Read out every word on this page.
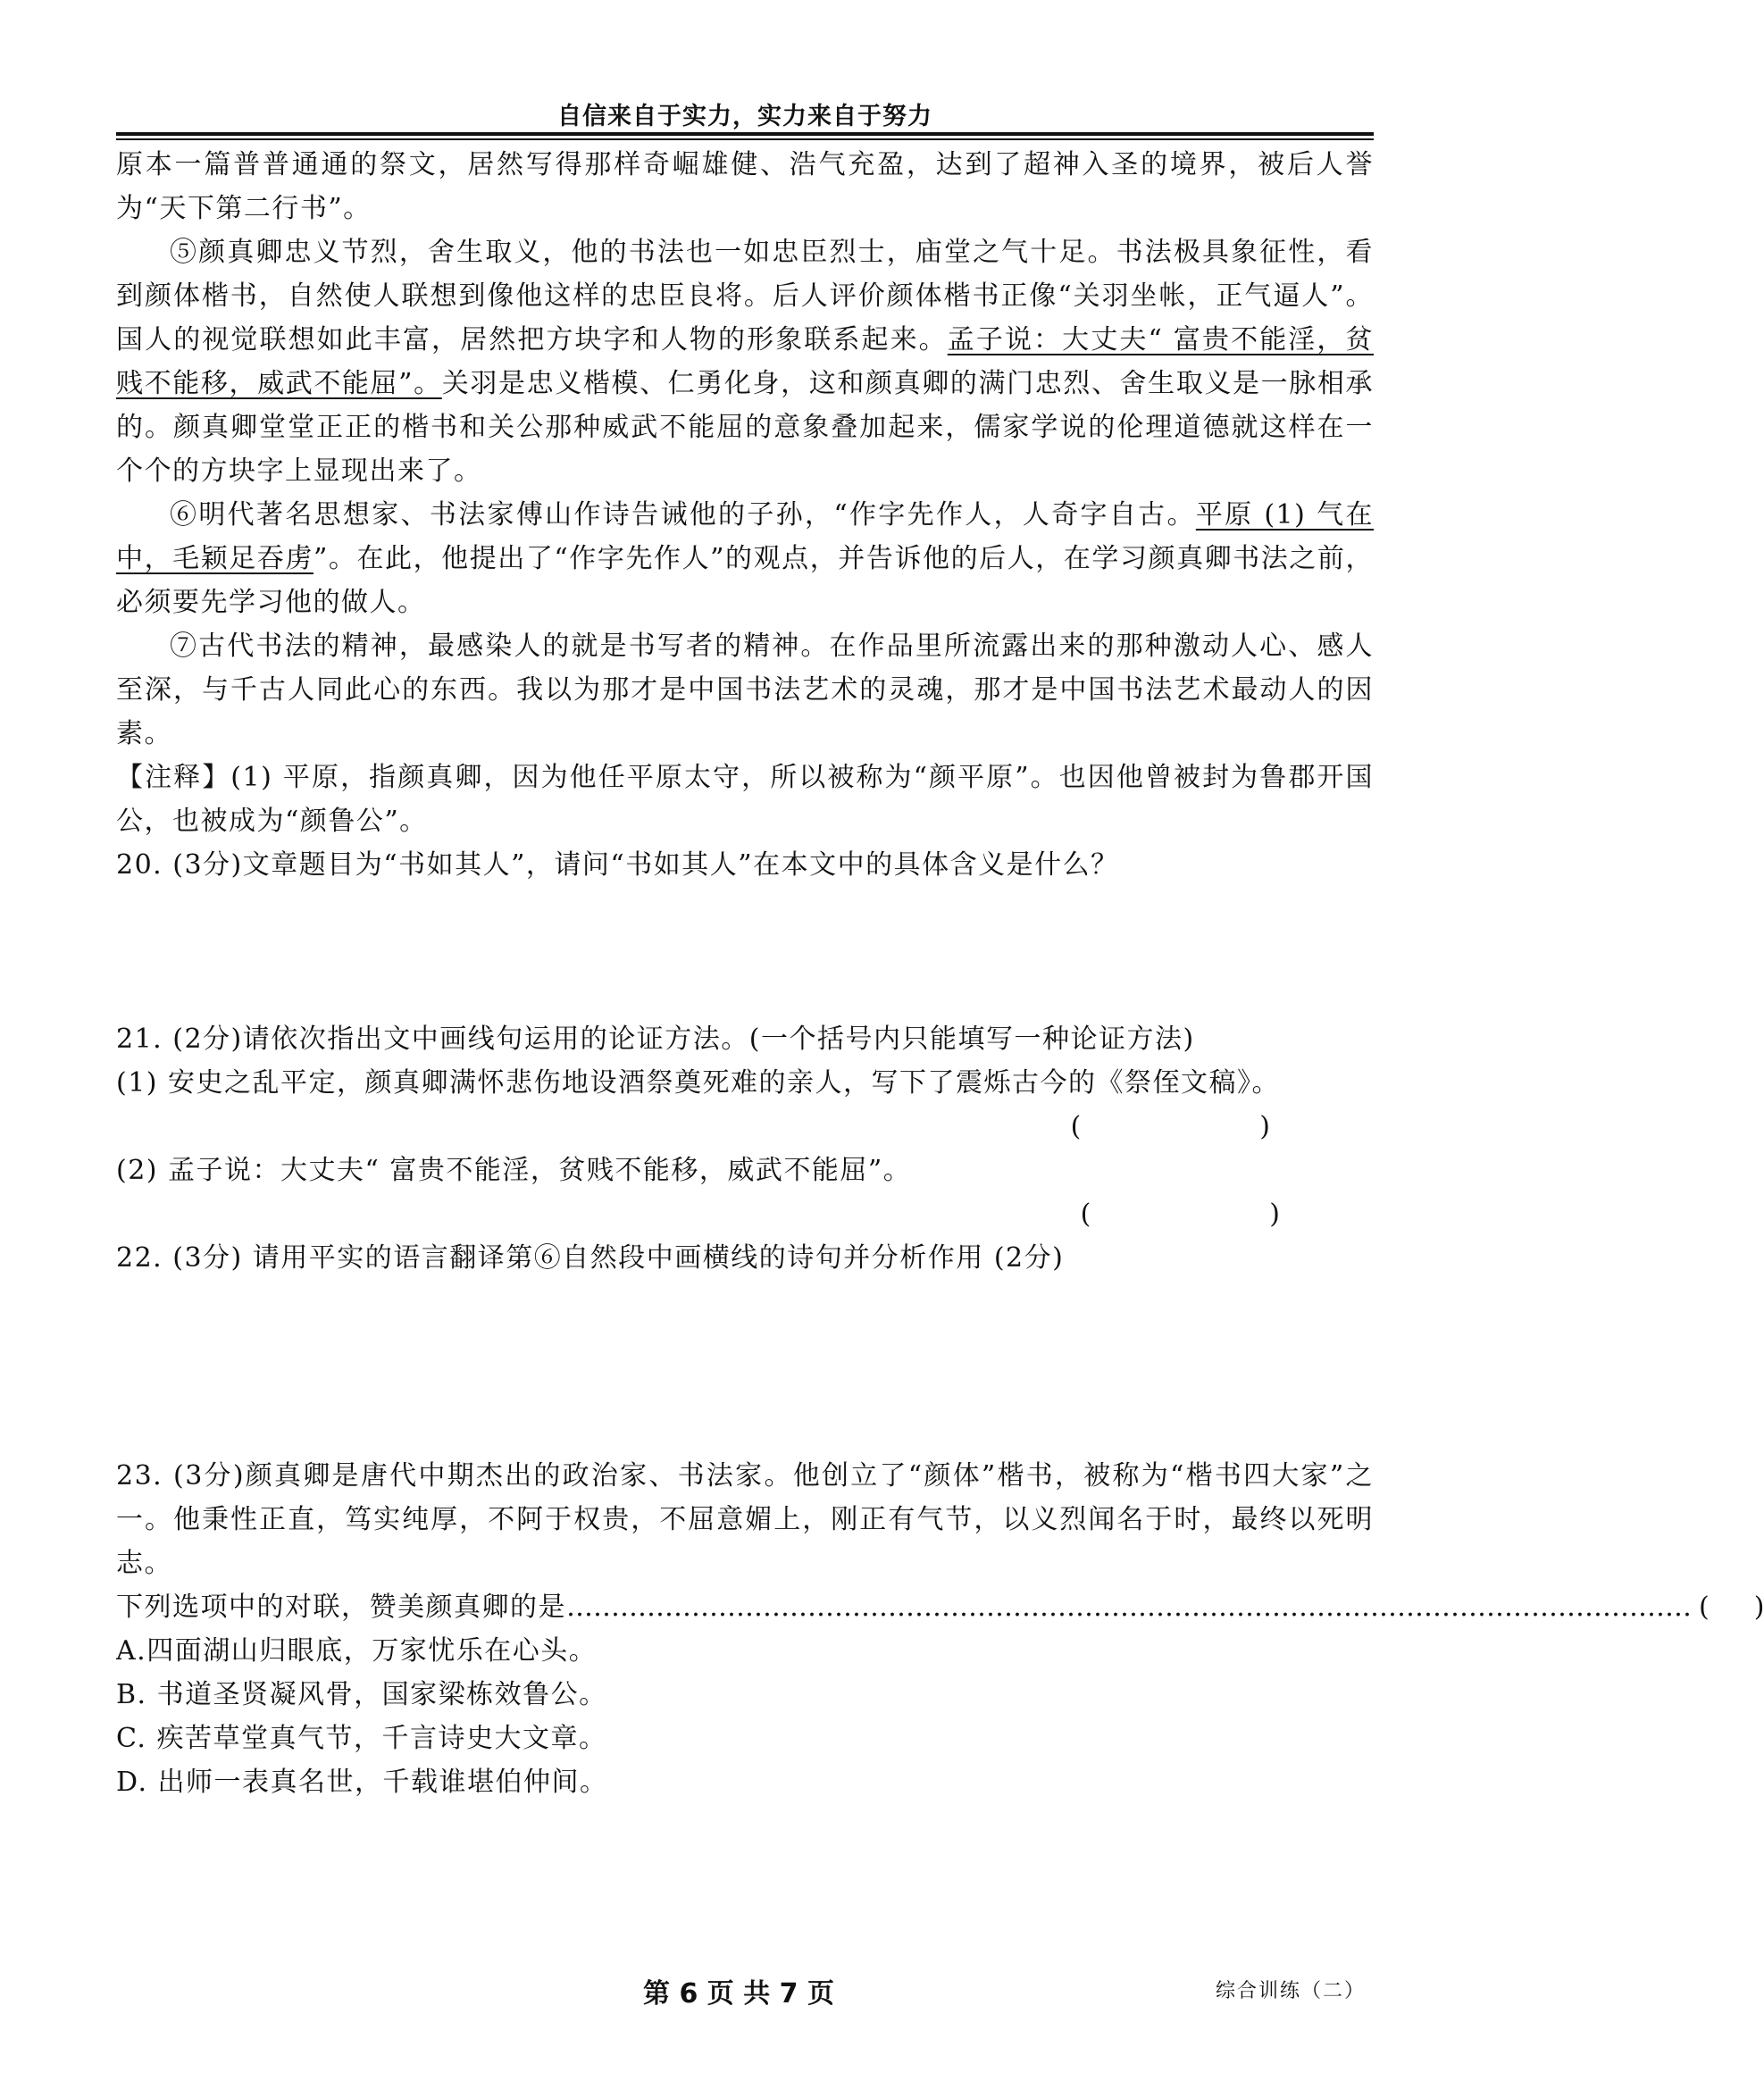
自信来自于实力，实力来自于努力

原本一篇普普通通的祭文，居然写得那样奇崛雄健、浩气充盈，达到了超神入圣的境界，被后人誉为“天下第二行书”。

⑤颜真卿忠义节烈，舍生取义，他的书法也一如忠臣烈士，庙堂之气十足。书法极具象征性，看到颜体楷书，自然使人联想到像他这样的忠臣良将。后人评价颜体楷书正像“关羽坐帐，正气逼人”。国人的视觉联想如此丰富，居然把方块字和人物的形象联系起来。孟子说：大丈夫“ 富贵不能淫，贫贱不能移，威武不能屈”。关羽是忠义楷模、仁勇化身，这和颜真卿的满门忠烈、舍生取义是一脉相承的。颜真卿堂堂正正的楷书和关公那种威武不能屈的意象叠加起来，儒家学说的伦理道德就这样在一个个的方块字上显现出来了。

⑥明代著名思想家、书法家傅山作诗告诫他的子孙，“作字先作人，人奇字自古。平原 (1) 气在中，毛颖足吞虏”。在此，他提出了“作字先作人”的观点，并告诉他的后人，在学习颜真卿书法之前，必须要先学习他的做人。

⑦古代书法的精神，最感染人的就是书写者的精神。在作品里所流露出来的那种激动人心、感人至深，与千古人同此心的东西。我以为那才是中国书法艺术的灵魂，那才是中国书法艺术最动人的因素。

【注释】(1) 平原，指颜真卿，因为他任平原太守，所以被称为“颜平原”。也因他曾被封为鲁郡开国公，也被成为“颜鲁公”。

20. (3分)文章题目为“书如其人”，请问“书如其人”在本文中的具体含义是什么？

21. (2分)请依次指出文中画线句运用的论证方法。(一个括号内只能填写一种论证方法)

(1) 安史之乱平定，颜真卿满怀悲伤地设酒祭奠死难的亲人，写下了震烁古今的《祭侄文稿》。

(	)

(2) 孟子说：大丈夫“ 富贵不能淫，贫贱不能移，威武不能屈”。

(	)

22. (3分) 请用平实的语言翻译第⑥自然段中画横线的诗句并分析作用 (2分)

23. (3分)颜真卿是唐代中期杰出的政治家、书法家。他创立了“颜体”楷书，被称为“楷书四大家”之一。他秉性正直，笃实纯厚，不阿于权贵，不屈意媚上，刚正有气节，以义烈闻名于时，最终以死明志。

下列选项中的对联，赞美颜真卿的是 ……………………………………………………………………………………………………………… ( )

A.四面湖山归眼底，万家忧乐在心头。

B. 书道圣贤凝风骨，国家梁栋效鲁公。

C. 疾苦草堂真气节，千言诗史大文章。

D. 出师一表真名世，千载谁堪伯仲间。

第 6 页 共 7 页	综合训练（二）
